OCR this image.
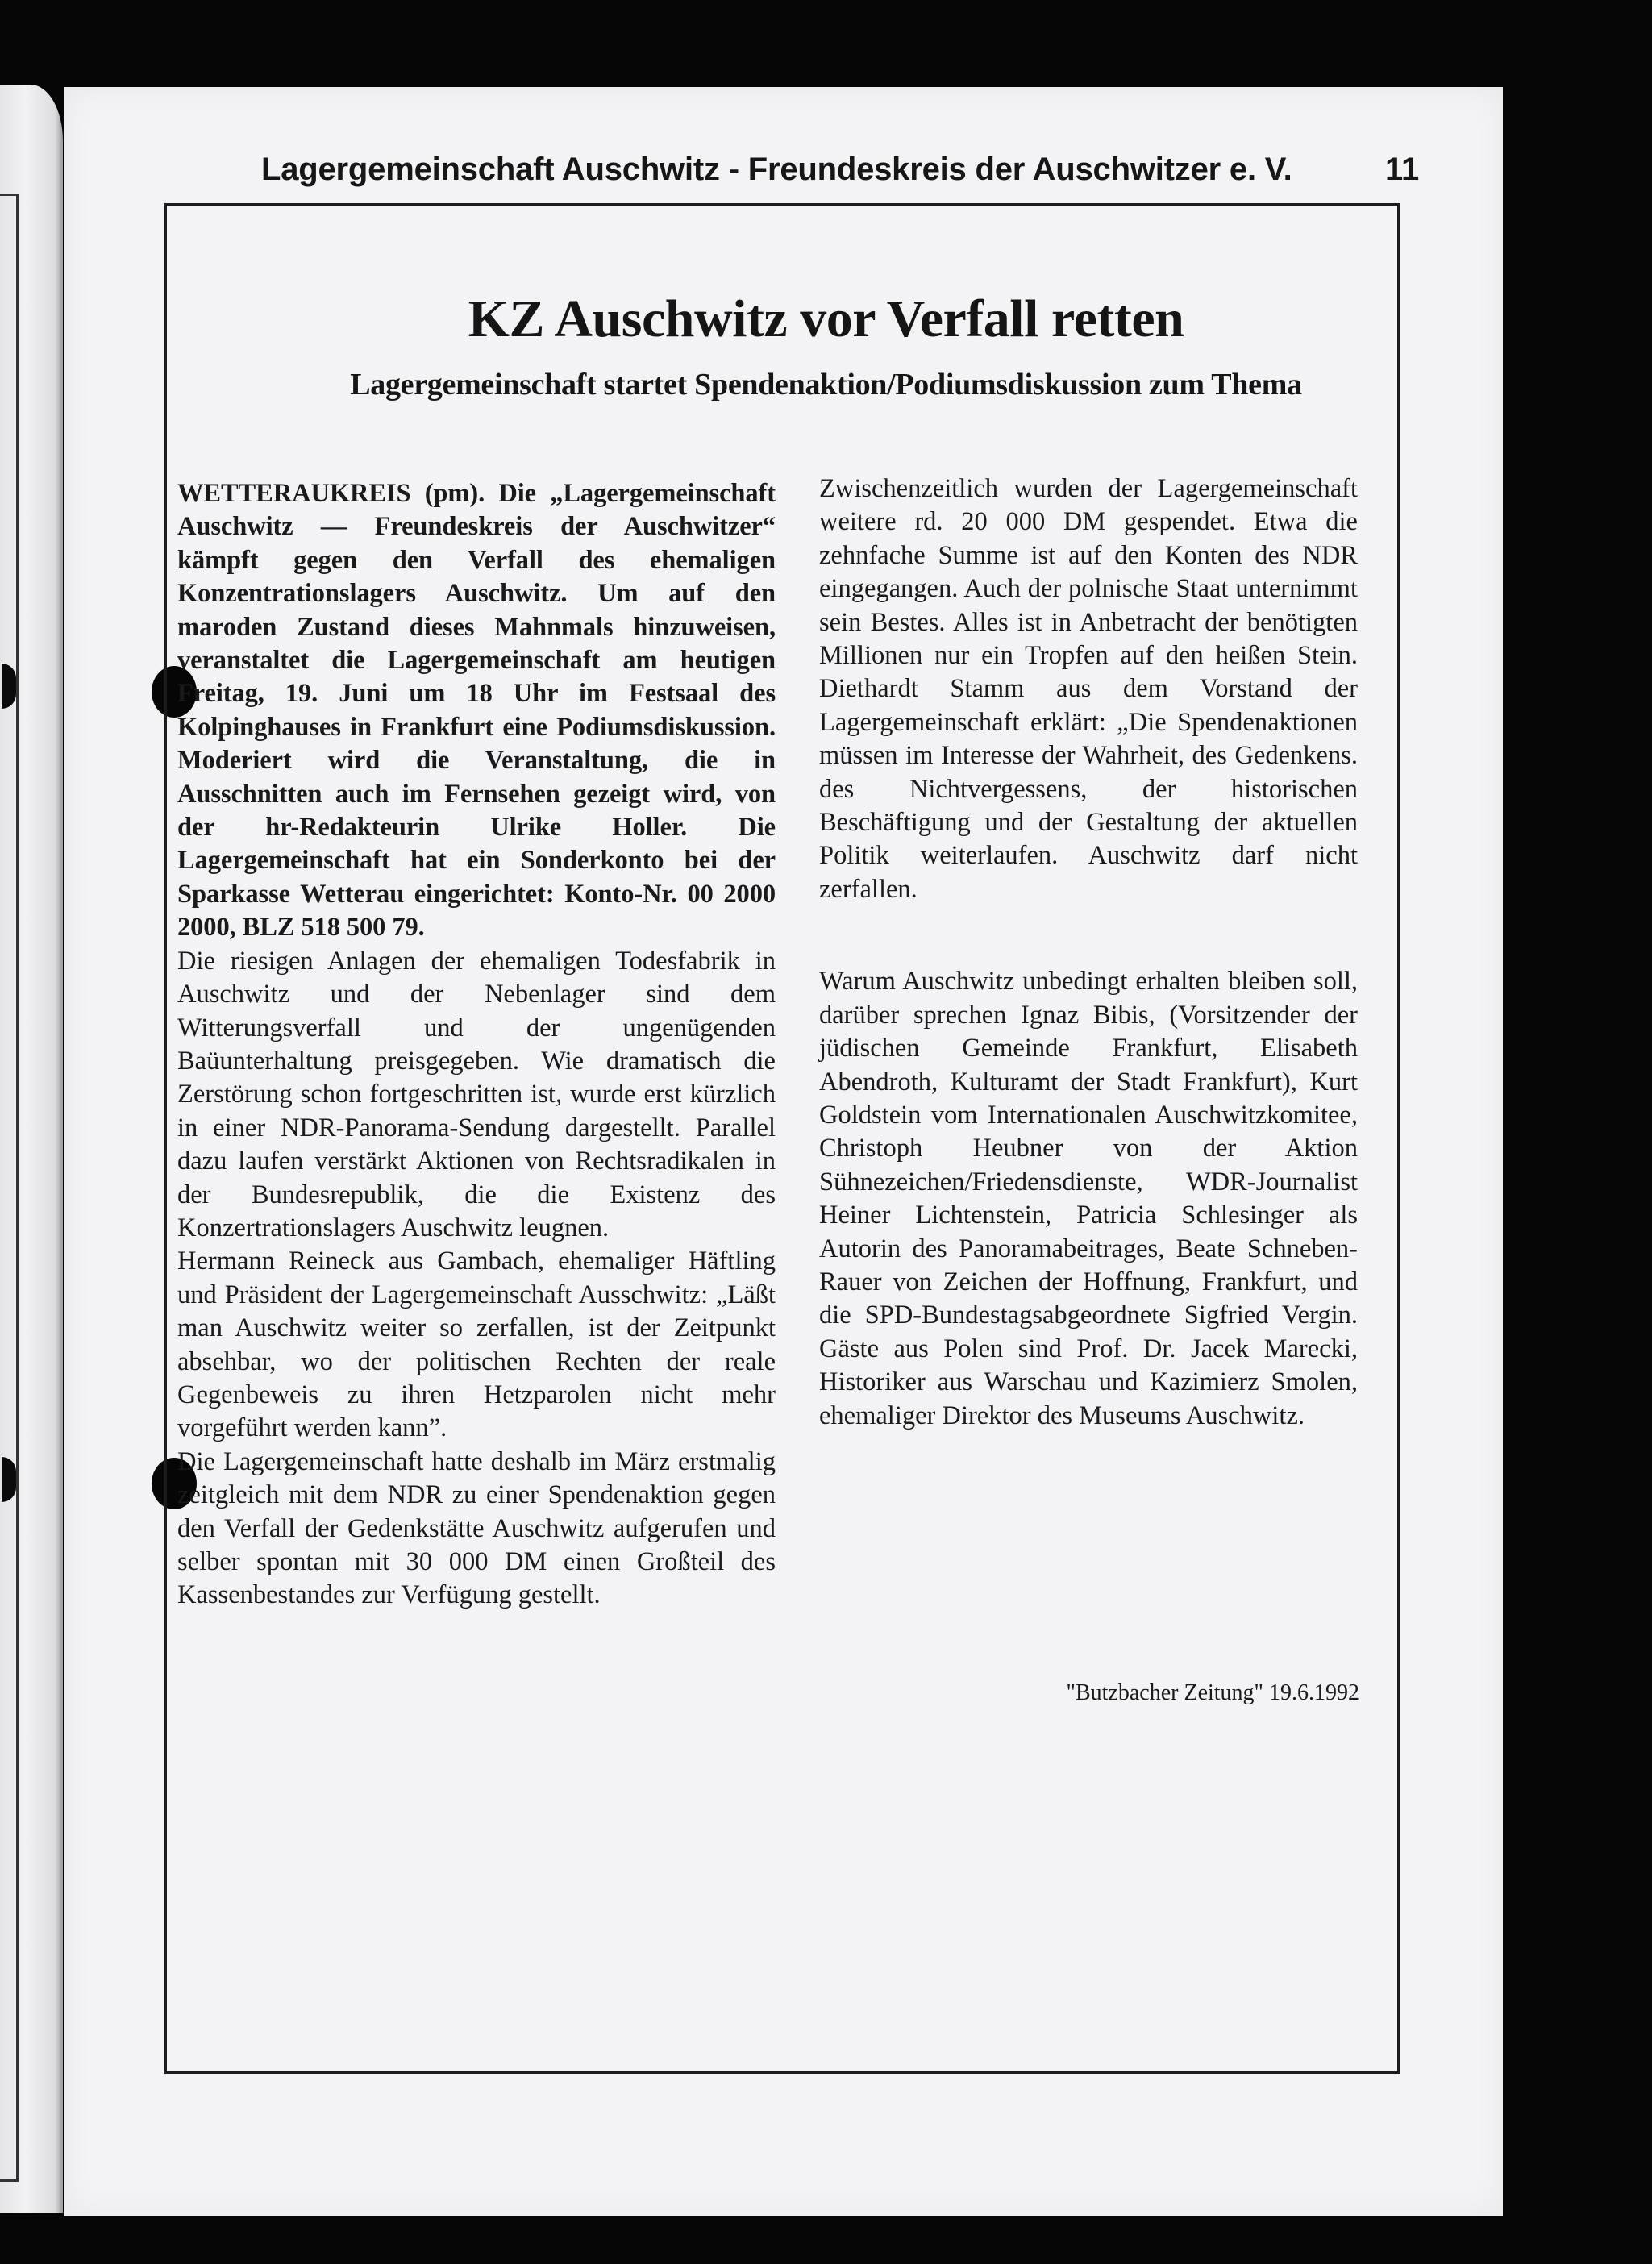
Lagergemeinschaft Auschwitz - Freundeskreis der Auschwitzer e. V.	11
KZ Auschwitz vor Verfall retten
Lagergemeinschaft startet Spendenaktion/Podiumsdiskussion zum Thema

WETTERAUKREIS (pm). Die „Lagergemeinschaft Auschwitz — Freundeskreis der Auschwitzer“ kämpft gegen den Verfall des ehemaligen Konzentrationslagers Auschwitz. Um auf den maroden Zustand dieses Mahnmals hinzuweisen, veranstaltet die Lagergemeinschaft am heutigen Freitag, 19. Juni um 18 Uhr im Festsaal des Kolpinghauses in Frankfurt eine Podiumsdiskussion. Moderiert wird die Veranstaltung, die in Ausschnitten auch im Fernsehen gezeigt wird, von der hr-Redakteurin Ulrike Holler. Die Lagergemeinschaft hat ein Sonderkonto bei der Sparkasse Wetterau eingerichtet: Konto-Nr. 00 2000 2000, BLZ 518 500 79.

Die riesigen Anlagen der ehemaligen Todesfabrik in Auschwitz und der Nebenlager sind dem Witterungsverfall und der ungenügenden Baüunterhaltung preisgegeben. Wie dramatisch die Zerstörung schon fortgeschritten ist, wurde erst kürzlich in einer NDR-Panorama-Sendung dargestellt. Parallel dazu laufen verstärkt Aktionen von Rechtsradikalen in der Bundesrepublik, die die Existenz des Konzertrationslagers Auschwitz leugnen.

Hermann Reineck aus Gambach, ehemaliger Häftling und Präsident der Lagergemeinschaft Ausschwitz: „Läßt man Auschwitz weiter so zerfallen, ist der Zeitpunkt absehbar, wo der politischen Rechten der reale Gegenbeweis zu ihren Hetzparolen nicht mehr vorgeführt werden kann”.

Die Lagergemeinschaft hatte deshalb im März erstmalig zeitgleich mit dem NDR zu einer Spendenaktion gegen den Verfall der Gedenkstätte Auschwitz aufgerufen und selber spontan mit 30 000 DM einen Großteil des Kassenbestandes zur Verfügung gestellt.

Zwischenzeitlich wurden der Lagergemeinschaft weitere rd. 20 000 DM gespendet. Etwa die zehnfache Summe ist auf den Konten des NDR eingegangen. Auch der polnische Staat unternimmt sein Bestes. Alles ist in Anbetracht der benötigten Millionen nur ein Tropfen auf den heißen Stein. Diethardt Stamm aus dem Vorstand der Lagergemeinschaft erklärt: „Die Spendenaktionen müssen im Interesse der Wahrheit, des Gedenkens. des Nichtvergessens, der historischen Beschäftigung und der Gestaltung der aktuellen Politik weiterlaufen. Auschwitz darf nicht zerfallen.

Warum Auschwitz unbedingt erhalten bleiben soll, darüber sprechen Ignaz Bibis, (Vorsitzender der jüdischen Gemeinde Frankfurt, Elisabeth Abendroth, Kulturamt der Stadt Frankfurt), Kurt Goldstein vom Internationalen Auschwitzkomitee, Christoph Heubner von der Aktion Sühnezeichen/Friedensdienste, WDR-Journalist Heiner Lichtenstein, Patricia Schlesinger als Autorin des Panoramabeitrages, Beate Schneben-Rauer von Zeichen der Hoffnung, Frankfurt, und die SPD-Bundestagsabgeordnete Sigfried Vergin. Gäste aus Polen sind Prof. Dr. Jacek Marecki, Historiker aus Warschau und Kazimierz Smolen, ehemaliger Direktor des Museums Auschwitz.

"Butzbacher Zeitung" 19.6.1992
